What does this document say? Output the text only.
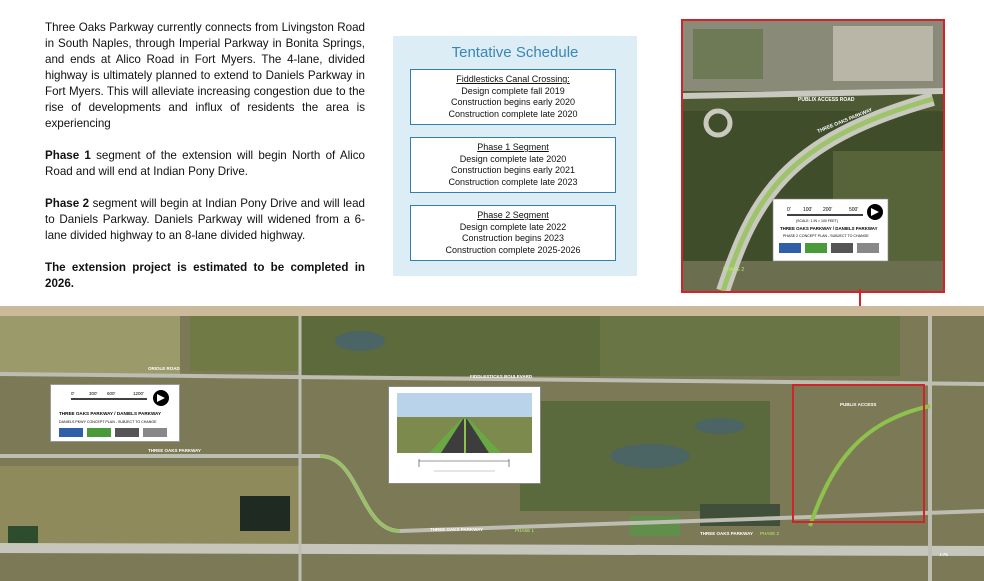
Three Oaks Parkway currently connects from Livingston Road in South Naples, through Imperial Parkway in Bonita Springs, and ends at Alico Road in Fort Myers. The 4-lane, divided highway is ultimately planned to extend to Daniels Parkway in Fort Myers. This will alleviate increasing congestion due to the rise of developments and influx of residents the area is experiencing

Phase 1 segment of the extension will begin North of Alico Road and will end at Indian Pony Drive.

Phase 2 segment will begin at Indian Pony Drive and will lead to Daniels Parkway. Daniels Parkway will widened from a 6-lane divided highway to an 8-lane divided highway.

The extension project is estimated to be completed in 2026.

Tentative Schedule
Fiddlesticks Canal Crossing:
Design complete fall 2019
Construction begins early 2020
Construction complete late 2020
Phase 1 Segment
Design complete late 2020
Construction begins early 2021
Construction complete late 2023
Phase 2 Segment
Design complete late 2022
Construction begins 2023
Construction complete 2025-2026
PUBLIX ACCESS ROAD
THREE OAKS PARKWAY
PHASE 2
0' 100' 200'	500'
(SCALE: 1 IN = 100 FEET)
THREE OAKS PARKWAY / DANIELS PARKWAY
PHASE 2 CONCEPT PLAN - SUBJECT TO CHANGE
ORIOLE ROAD
THREE OAKS PARKWAY
FIDDLESTICKS BOULEVARD
THREE OAKS PARKWAY	PHASE 1
THREE OAKS PARKWAY PHASE 2
PUBLIX ACCESS
I-75
0'	300' 600'	1200'
THREE OAKS PARKWAY / DANIELS PARKWAY
DANIELS PKWY CONCEPT PLAN - SUBJECT TO CHANGE
